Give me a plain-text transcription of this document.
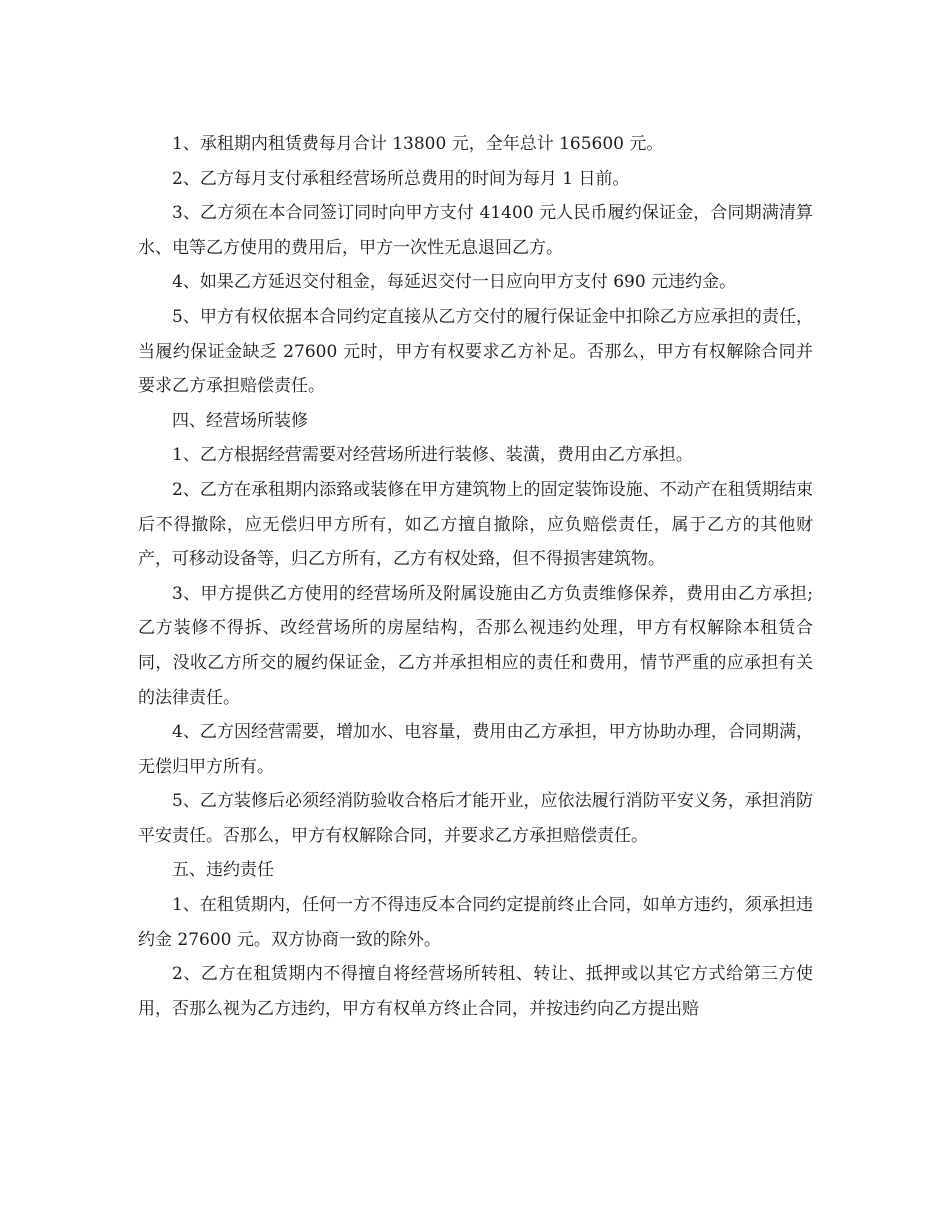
1、承租期内租赁费每月合计 13800 元，全年总计 165600 元。

2、乙方每月支付承租经营场所总费用的时间为每月 1 日前。

3、乙方须在本合同签订同时向甲方支付 41400 元人民币履约保证金，合同期满清算水、电等乙方使用的费用后，甲方一次性无息退回乙方。

4、如果乙方延迟交付租金，每延迟交付一日应向甲方支付 690 元违约金。

5、甲方有权依据本合同约定直接从乙方交付的履行保证金中扣除乙方应承担的责任，当履约保证金缺乏 27600 元时，甲方有权要求乙方补足。否那么，甲方有权解除合同并要求乙方承担赔偿责任。

四、经营场所装修

1、乙方根据经营需要对经营场所进行装修、装潢，费用由乙方承担。

2、乙方在承租期内添臵或装修在甲方建筑物上的固定装饰设施、不动产在租赁期结束后不得撤除，应无偿归甲方所有，如乙方擅自撤除，应负赔偿责任，属于乙方的其他财产，可移动设备等，归乙方所有，乙方有权处臵，但不得损害建筑物。

3、甲方提供乙方使用的经营场所及附属设施由乙方负责维修保养，费用由乙方承担;乙方装修不得拆、改经营场所的房屋结构，否那么视违约处理，甲方有权解除本租赁合同，没收乙方所交的履约保证金，乙方并承担相应的责任和费用，情节严重的应承担有关的法律责任。

4、乙方因经营需要，增加水、电容量，费用由乙方承担，甲方协助办理，合同期满，无偿归甲方所有。

5、乙方装修后必须经消防验收合格后才能开业，应依法履行消防平安义务，承担消防平安责任。否那么，甲方有权解除合同，并要求乙方承担赔偿责任。

五、违约责任

1、在租赁期内，任何一方不得违反本合同约定提前终止合同，如单方违约，须承担违约金 27600 元。双方协商一致的除外。

2、乙方在租赁期内不得擅自将经营场所转租、转让、抵押或以其它方式给第三方使用，否那么视为乙方违约，甲方有权单方终止合同，并按违约向乙方提出赔
